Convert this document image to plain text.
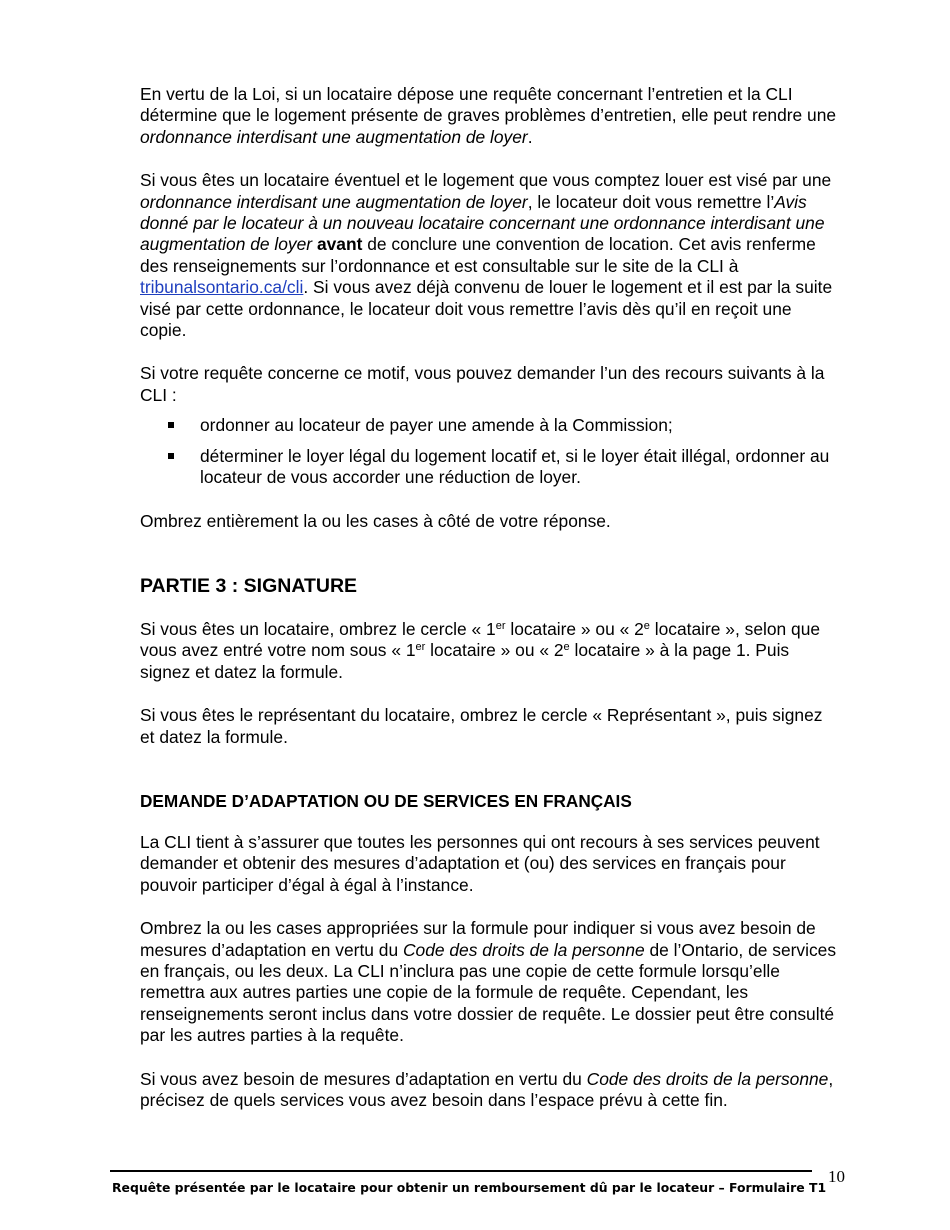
En vertu de la Loi, si un locataire dépose une requête concernant l’entretien et la CLI détermine que le logement présente de graves problèmes d’entretien, elle peut rendre une ordonnance interdisant une augmentation de loyer.

Si vous êtes un locataire éventuel et le logement que vous comptez louer est visé par une ordonnance interdisant une augmentation de loyer, le locateur doit vous remettre l’Avis donné par le locateur à un nouveau locataire concernant une ordonnance interdisant une augmentation de loyer avant de conclure une convention de location. Cet avis renferme des renseignements sur l’ordonnance et est consultable sur le site de la CLI à tribunalsontario.ca/cli. Si vous avez déjà convenu de louer le logement et il est par la suite visé par cette ordonnance, le locateur doit vous remettre l’avis dès qu’il en reçoit une copie.

Si votre requête concerne ce motif, vous pouvez demander l’un des recours suivants à la CLI :

ordonner au locateur de payer une amende à la Commission;
déterminer le loyer légal du logement locatif et, si le loyer était illégal, ordonner au locateur de vous accorder une réduction de loyer.

Ombrez entièrement la ou les cases à côté de votre réponse.

PARTIE 3 : SIGNATURE

Si vous êtes un locataire, ombrez le cercle « 1er locataire » ou « 2e locataire », selon que vous avez entré votre nom sous « 1er locataire » ou « 2e locataire » à la page 1. Puis signez et datez la formule.

Si vous êtes le représentant du locataire, ombrez le cercle « Représentant », puis signez et datez la formule.

DEMANDE D’ADAPTATION OU DE SERVICES EN FRANÇAIS

La CLI tient à s’assurer que toutes les personnes qui ont recours à ses services peuvent demander et obtenir des mesures d’adaptation et (ou) des services en français pour pouvoir participer d’égal à égal à l’instance.

Ombrez la ou les cases appropriées sur la formule pour indiquer si vous avez besoin de mesures d’adaptation en vertu du Code des droits de la personne de l’Ontario, de services en français, ou les deux. La CLI n’inclura pas une copie de cette formule lorsqu’elle remettra aux autres parties une copie de la formule de requête. Cependant, les renseignements seront inclus dans votre dossier de requête. Le dossier peut être consulté par les autres parties à la requête.

Si vous avez besoin de mesures d’adaptation en vertu du Code des droits de la personne, précisez de quels services vous avez besoin dans l’espace prévu à cette fin.

Requête présentée par le locataire pour obtenir un remboursement dû par le locateur – Formulaire T1
10
